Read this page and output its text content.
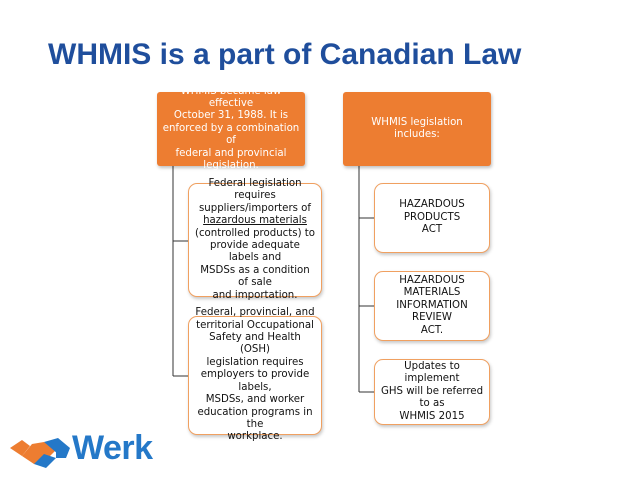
WHMIS is a part of Canadian Law
WHMIS became law effective
October 31, 1988. It is
enforced by a combination of
federal and provincial
legislation.
Federal legislation requires
suppliers/importers of
hazardous materials
(controlled products) to
provide adequate labels and
MSDSs as a condition of sale
and importation.
Federal, provincial, and
territorial Occupational
Safety and Health (OSH)
legislation requires
employers to provide labels,
MSDSs, and worker
education programs in the
workplace.
WHMIS legislation includes:
HAZARDOUS PRODUCTS
ACT
HAZARDOUS MATERIALS
INFORMATION REVIEW
ACT.
Updates to implement
GHS will be referred to as
WHMIS 2015
Werk
